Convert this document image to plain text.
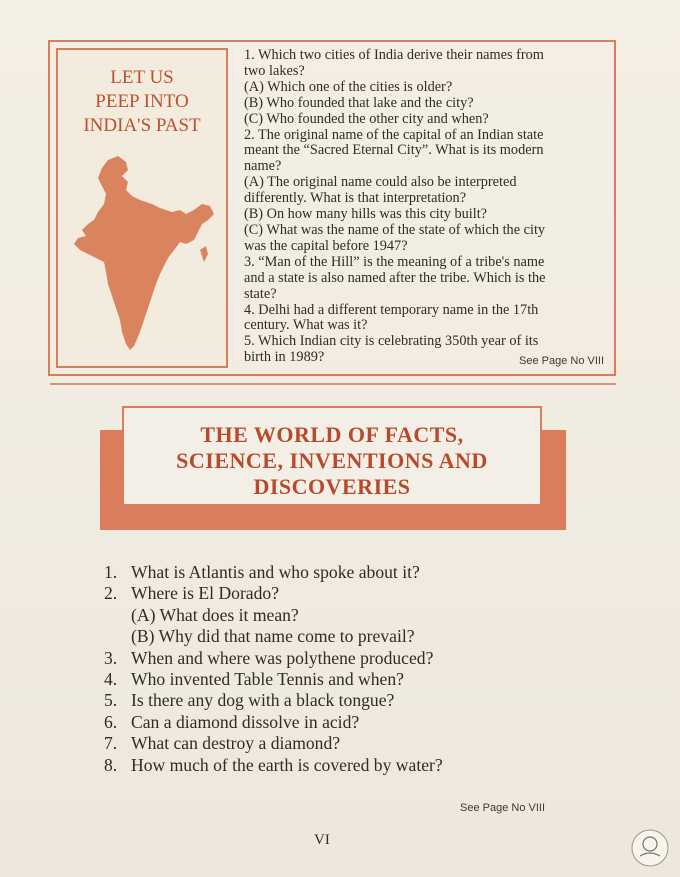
LET US
PEEP INTO
INDIA'S PAST
1. Which two cities of India derive their names from
two lakes?
(A) Which one of the cities is older?
(B) Who founded that lake and the city?
(C) Who founded the other city and when?
2. The original name of the capital of an Indian state
meant the “Sacred Eternal City”. What is its modern
name?
(A) The original name could also be interpreted
differently. What is that interpretation?
(B) On how many hills was this city built?
(C) What was the name of the state of which the city
was the capital before 1947?
3. “Man of the Hill” is the meaning of a tribe's name
and a state is also named after the tribe. Which is the
state?
4. Delhi had a different temporary name in the 17th
century. What was it?
5. Which Indian city is celebrating 350th year of its
birth in 1989?	See Page No VIII
THE WORLD OF FACTS,
SCIENCE, INVENTIONS AND
DISCOVERIES
1. What is Atlantis and who spoke about it?
2. Where is El Dorado?
(A) What does it mean?
(B) Why did that name come to prevail?
3. When and where was polythene produced?
4. Who invented Table Tennis and when?
5. Is there any dog with a black tongue?
6. Can a diamond dissolve in acid?
7. What can destroy a diamond?
8. How much of the earth is covered by water?
See Page No VIII
VI
